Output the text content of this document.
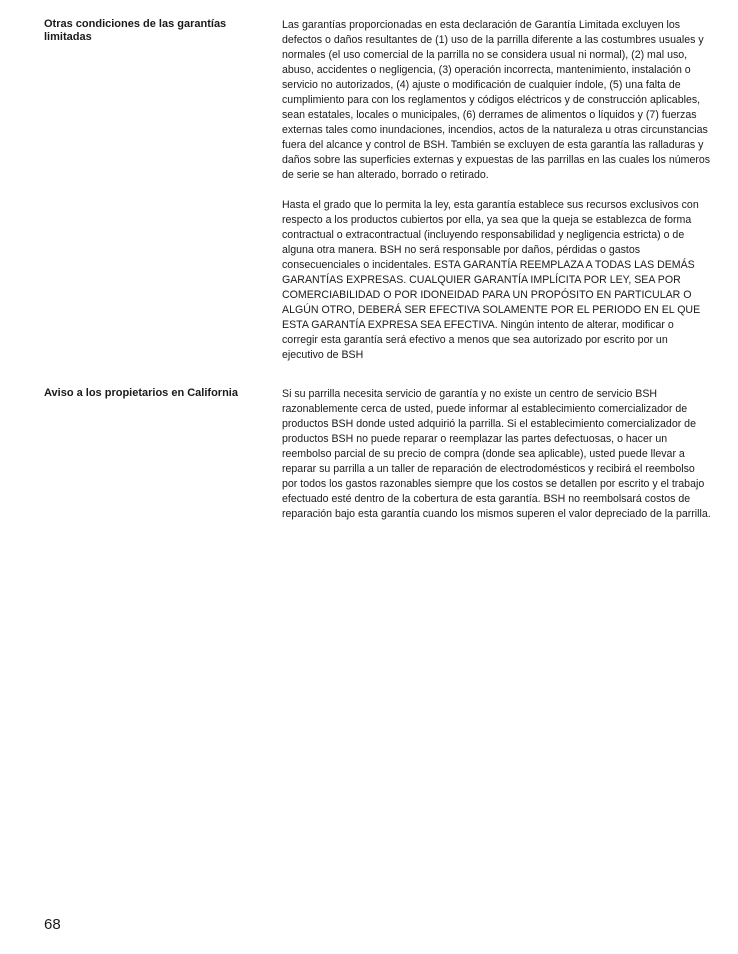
Otras condiciones de las garantías limitadas

Las garantías proporcionadas en esta declaración de Garantía Limitada excluyen los defectos o daños resultantes de (1) uso de la parrilla diferente a las costumbres usuales y normales (el uso comercial de la parrilla no se considera usual ni normal), (2) mal uso, abuso, accidentes o negligencia, (3) operación incorrecta, mantenimiento, instalación o servicio no autorizados, (4) ajuste o modificación de cualquier índole, (5) una falta de cumplimiento para con los reglamentos y códigos eléctricos y de construcción aplicables, sean estatales, locales o municipales, (6) derrames de alimentos o líquidos y (7) fuerzas externas tales como inundaciones, incendios, actos de la naturaleza u otras circunstancias fuera del alcance y control de BSH. También se excluyen de esta garantía las ralladuras y daños sobre las superficies externas y expuestas de las parrillas en las cuales los números de serie se han alterado, borrado o retirado.

Hasta el grado que lo permita la ley, esta garantía establece sus recursos exclusivos con respecto a los productos cubiertos por ella, ya sea que la queja se establezca de forma contractual o extracontractual (incluyendo responsabilidad y negligencia estricta) o de alguna otra manera. BSH no será responsable por daños, pérdidas o gastos consecuenciales o incidentales. ESTA GARANTÍA REEMPLAZA A TODAS LAS DEMÁS GARANTÍAS EXPRESAS. CUALQUIER GARANTÍA IMPLÍCITA POR LEY, SEA POR COMERCIABILIDAD O POR IDONEIDAD PARA UN PROPÓSITO EN PARTICULAR O ALGÚN OTRO, DEBERÁ SER EFECTIVA SOLAMENTE POR EL PERIODO EN EL QUE ESTA GARANTÍA EXPRESA SEA EFECTIVA. Ningún intento de alterar, modificar o corregir esta garantía será efectivo a menos que sea autorizado por escrito por un ejecutivo de BSH

Aviso a los propietarios en California	Si su parrilla necesita servicio de garantía y no existe un centro de servicio BSH razonablemente cerca de usted, puede informar al establecimiento comercializador de productos BSH donde usted adquirió la parrilla. Si el establecimiento comercializador de productos BSH no puede reparar o reemplazar las partes defectuosas, o hacer un reembolso parcial de su precio de compra (donde sea aplicable), usted puede llevar a reparar su parrilla a un taller de reparación de electrodomésticos y recibirá el reembolso por todos los gastos razonables siempre que los costos se detallen por escrito y el trabajo efectuado esté dentro de la cobertura de esta garantía. BSH no reembolsará costos de reparación bajo esta garantía cuando los mismos superen el valor depreciado de la parrilla.

68
